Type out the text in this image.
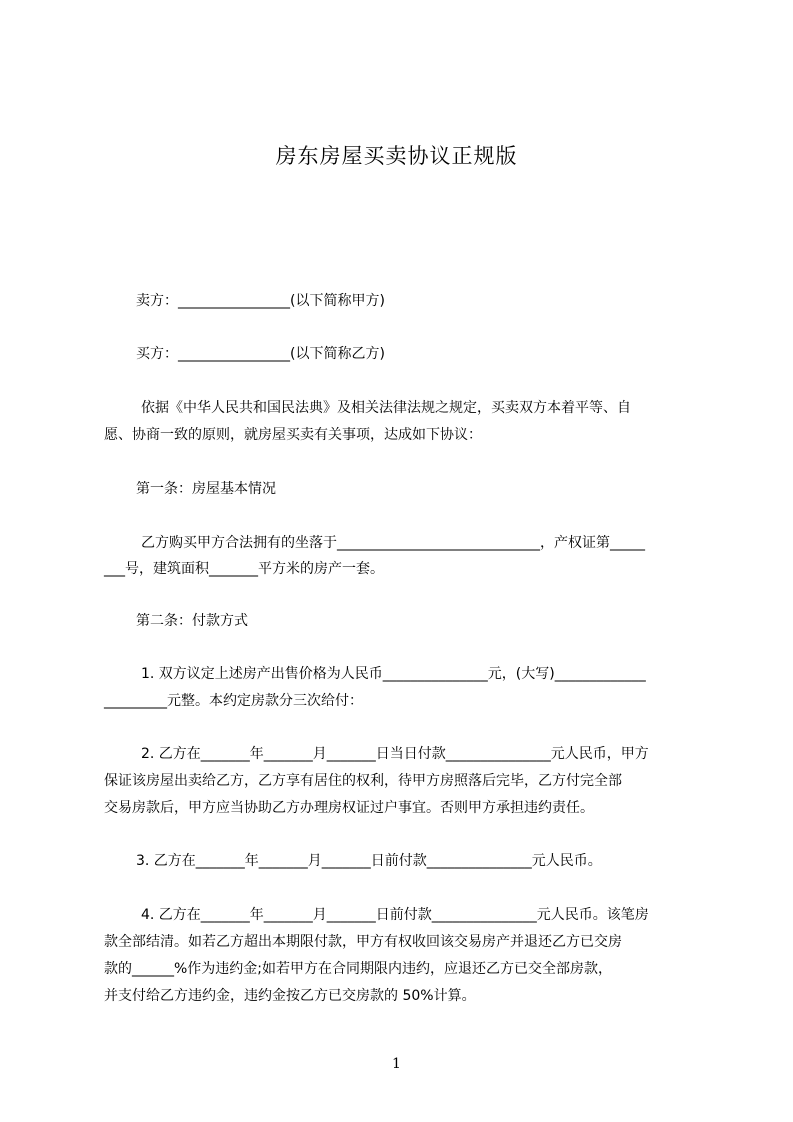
房东房屋买卖协议正规版
卖方：________________(以下简称甲方)
买方：________________(以下简称乙方)
依据《中华人民共和国民法典》及相关法律法规之规定，买卖双方本着平等、自
愿、协商一致的原则，就房屋买卖有关事项，达成如下协议：
第一条：房屋基本情况
乙方购买甲方合法拥有的坐落于_____________________________，产权证第_____
___号，建筑面积_______平方米的房产一套。
第二条：付款方式
1. 双方议定上述房产出售价格为人民币_______________元，(大写)_____________
_________元整。本约定房款分三次给付：
2. 乙方在_______年_______月_______日当日付款_______________元人民币，甲方
保证该房屋出卖给乙方，乙方享有居住的权利，待甲方房照落后完毕，乙方付完全部
交易房款后，甲方应当协助乙方办理房权证过户事宜。否则甲方承担违约责任。
3. 乙方在_______年_______月_______日前付款_______________元人民币。
4. 乙方在_______年_______月_______日前付款_______________元人民币。该笔房
款全部结清。如若乙方超出本期限付款，甲方有权收回该交易房产并退还乙方已交房
款的______%作为违约金;如若甲方在合同期限内违约，应退还乙方已交全部房款，
并支付给乙方违约金，违约金按乙方已交房款的 50%计算。
1
